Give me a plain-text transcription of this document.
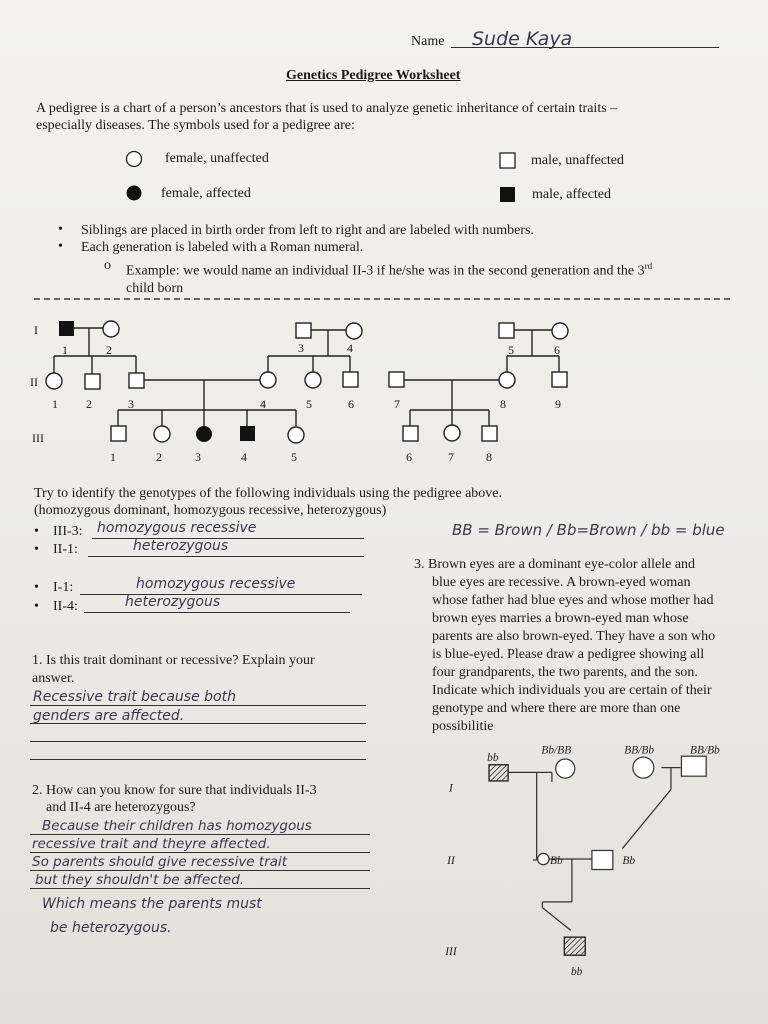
Name Sude Kaya
Genetics Pedigree Worksheet
A pedigree is a chart of a person’s ancestors that is used to analyze genetic inheritance of certain traits – especially diseases. The symbols used for a pedigree are:
female, unaffected	male, unaffected
female, affected	male, affected
• Siblings are placed in birth order from left to right and are labeled with numbers.
• Each generation is labeled with a Roman numeral.
o Example: we would name an individual II-3 if he/she was in the second generation and the 3rd
child born
I
II
III
1	2	3	4	5	6
1 2	3	4	5	6	7	8	9
1	2	3	4	5	6	7	8
Try to identify the genotypes of the following individuals using the pedigree above.
(homozygous dominant, homozygous recessive, heterozygous)
• III-3: homozygous recessive
• II-1:	heterozygous
• I-1:	homozygous recessive
• II-4:	heterozygous
1. Is this trait dominant or recessive? Explain your
answer.
Recessive trait because both
genders are affected.
2. How can you know for sure that individuals II-3
and II-4 are heterozygous?
Because their children has homozygous
recessive trait and theyre affected.
So parents should give recessive trait
but they shouldn't be affected.
Which means the parents must
be heterozygous.
BB = Brown / Bb=Brown / bb = blue
3. Brown eyes are a dominant eye-color allele and
blue eyes are recessive. A brown-eyed woman
whose father had blue eyes and whose mother had
brown eyes marries a brown-eyed man whose
parents are also brown-eyed. They have a son who
is blue-eyed. Please draw a pedigree showing all
four grandparents, the two parents, and the son.
Indicate which individuals you are certain of their
genotype and where there are more than one
possibilitie
I
II
III
bb
Bb/BB	BB/Bb	BB/Bb
Bb	Bb
bb
